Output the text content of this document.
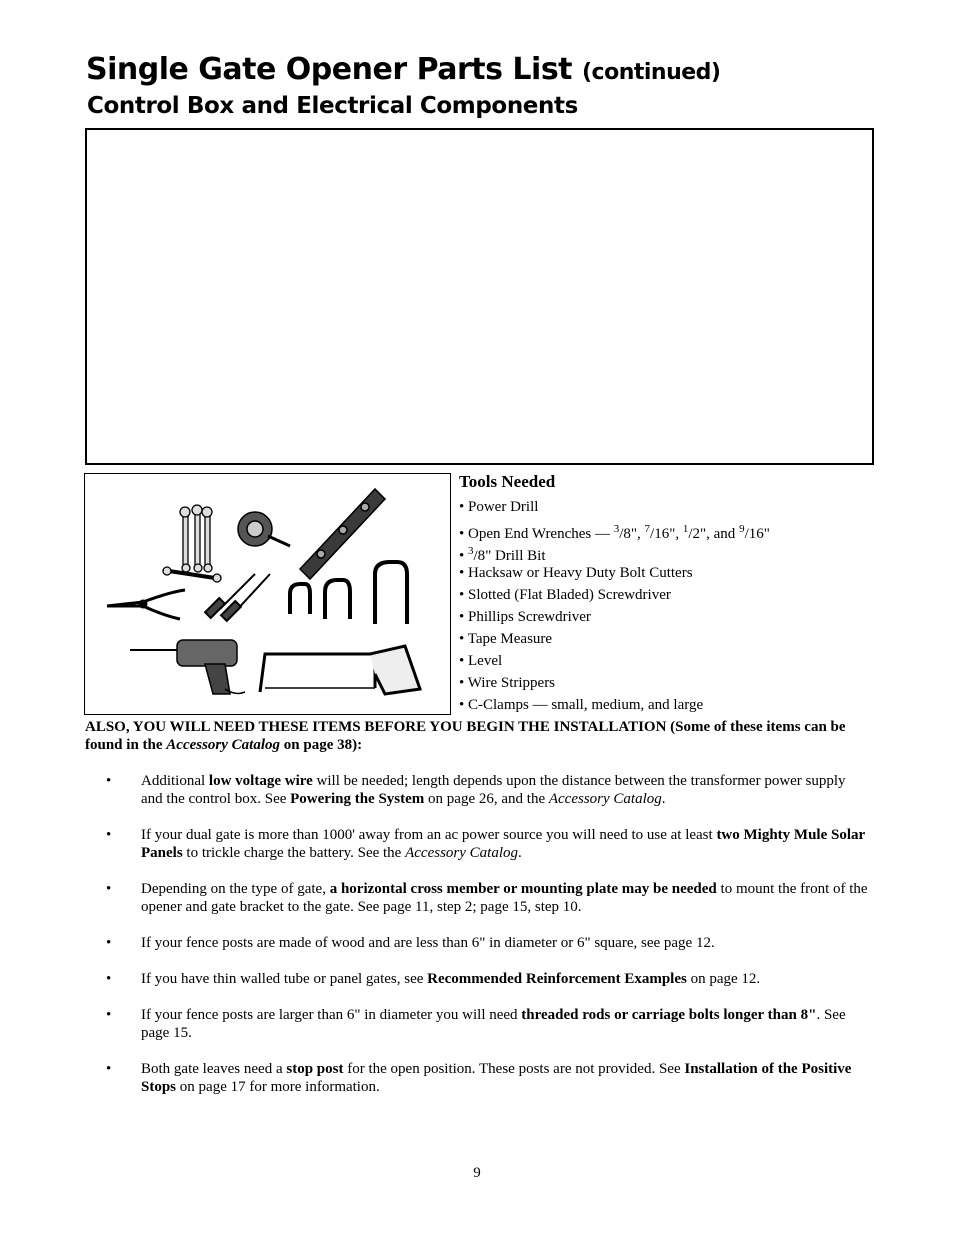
Single Gate Opener Parts List (continued)
Control Box and Electrical Components
Tools Needed
• Power Drill
• Open End Wrenches — $^3$/8", $^7$/16", $^1$/2", and $^9$/16"
• $^3$/8" Drill Bit
• Hacksaw or Heavy Duty Bolt Cutters
• Slotted (Flat Bladed) Screwdriver
• Phillips Screwdriver
• Tape Measure
• Level
• Wire Strippers
• C-Clamps — small, medium, and large
ALSO, YOU WILL NEED THESE ITEMS BEFORE YOU BEGIN THE INSTALLATION (Some of these items can be found in the Accessory Catalog on page 38):
• Additional low voltage wire will be needed; length depends upon the distance between the transformer power supply and the control box. See Powering the System on page 26, and the Accessory Catalog.
• If your dual gate is more than 1000' away from an ac power source you will need to use at least two Mighty Mule Solar Panels to trickle charge the battery. See the Accessory Catalog.
• Depending on the type of gate, a horizontal cross member or mounting plate may be needed to mount the front of the opener and gate bracket to the gate. See page 11, step 2; page 15, step 10.
• If your fence posts are made of wood and are less than 6" in diameter or 6" square, see page 12.
• If you have thin walled tube or panel gates, see Recommended Reinforcement Examples on page 12.
• If your fence posts are larger than 6" in diameter you will need threaded rods or carriage bolts longer than 8". See page 15.
• Both gate leaves need a stop post for the open position. These posts are not provided. See Installation of the Positive Stops on page 17 for more information.
9
